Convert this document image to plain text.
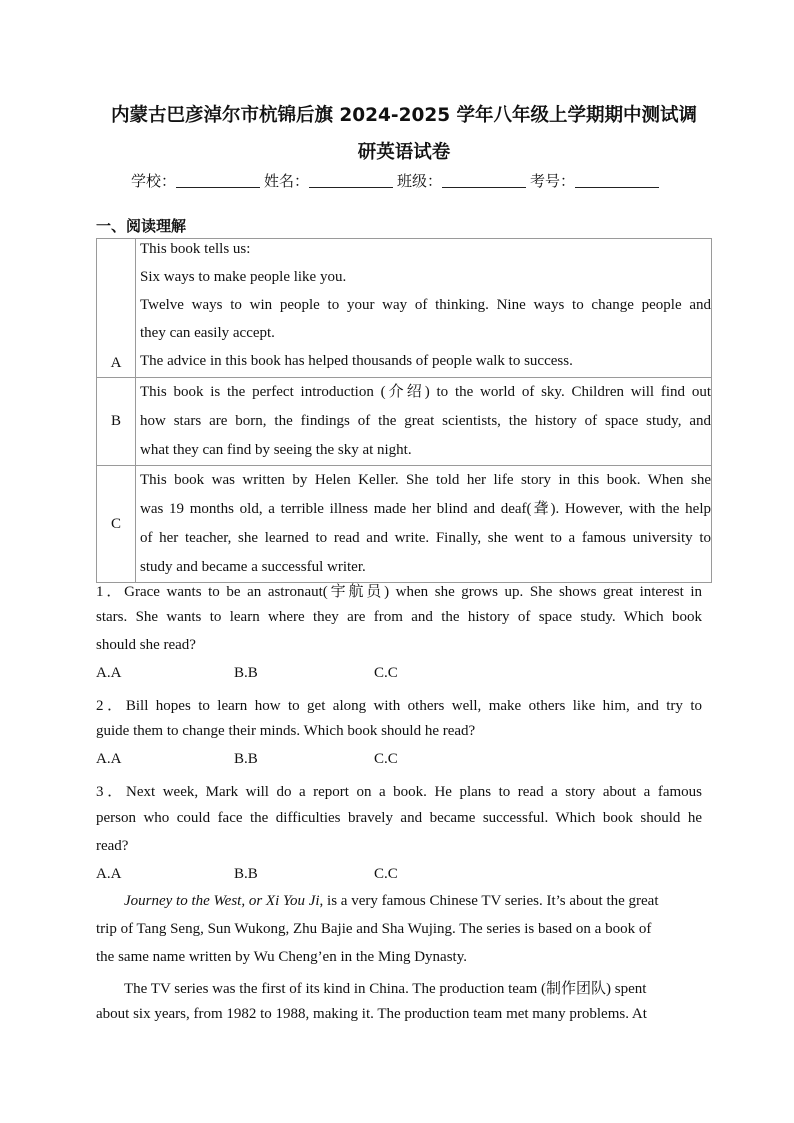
内蒙古巴彦淖尔市杭锦后旗 2024-2025 学年八年级上学期期中测试调
研英语试卷
学校：	姓名：	班级：	考号：
一、阅读理解
A	This book tells us:
Six ways to make people like you.
Twelve ways to win people to your way of thinking. Nine ways to change people and
they can easily accept.
The advice in this book has helped thousands of people walk to success.

B	This book is the perfect introduction (介绍) to the world of sky. Children will find out
how stars are born, the findings of the great scientists, the history of space study, and
what they can find by seeing the sky at night.

C	This book was written by Helen Keller. She told her life story in this book. When she
was 19 months old, a terrible illness made her blind and deaf(聋). However, with the help
of her teacher, she learned to read and write. Finally, she went to a famous university to
study and became a successful writer.
1．Grace wants to be an astronaut(宇航员) when she grows up. She shows great interest in
stars. She wants to learn where they are from and the history of space study. Which book
should she read?
A.A	B.B	C.C
2．Bill hopes to learn how to get along with others well, make others like him, and try to
guide them to change their minds. Which book should he read?
A.A	B.B	C.C
3．Next week, Mark will do a report on a book. He plans to read a story about a famous
person who could face the difficulties bravely and became successful. Which book should he
read?
A.A	B.B	C.C
Journey to the West, or Xi You Ji, is a very famous Chinese TV series. It’s about the great
trip of Tang Seng, Sun Wukong, Zhu Bajie and Sha Wujing. The series is based on a book of
the same name written by Wu Cheng’en in the Ming Dynasty.
The TV series was the first of its kind in China. The production team (制作团队) spent
about six years, from 1982 to 1988, making it. The production team met many problems. At
